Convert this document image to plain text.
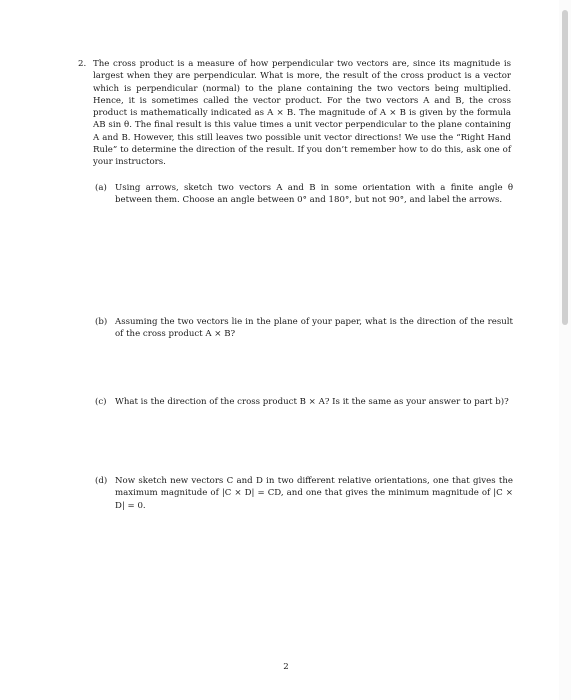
2. The cross product is a measure of how perpendicular two vectors are, since its magnitude is largest when they are perpendicular. What is more, the result of the cross product is a vector which is perpendicular (normal) to the plane containing the two vectors being multiplied. Hence, it is sometimes called the vector product. For the two vectors A and B, the cross product is mathematically indicated as A × B. The magnitude of A × B is given by the formula AB sin θ. The final result is this value times a unit vector perpendicular to the plane containing A and B. However, this still leaves two possible unit vector directions! We use the “Right Hand Rule” to determine the direction of the result. If you don’t remember how to do this, ask one of your instructors.

(a) Using arrows, sketch two vectors A and B in some orientation with a finite angle θ between them. Choose an angle between 0° and 180°, but not 90°, and label the arrows.
(b) Assuming the two vectors lie in the plane of your paper, what is the direction of the result of the cross product A × B?
(c) What is the direction of the cross product B × A? Is it the same as your answer to part b)?
(d) Now sketch new vectors C and D in two different relative orientations, one that gives the maximum magnitude of |C × D| = CD, and one that gives the minimum magnitude of |C × D| = 0.
2
